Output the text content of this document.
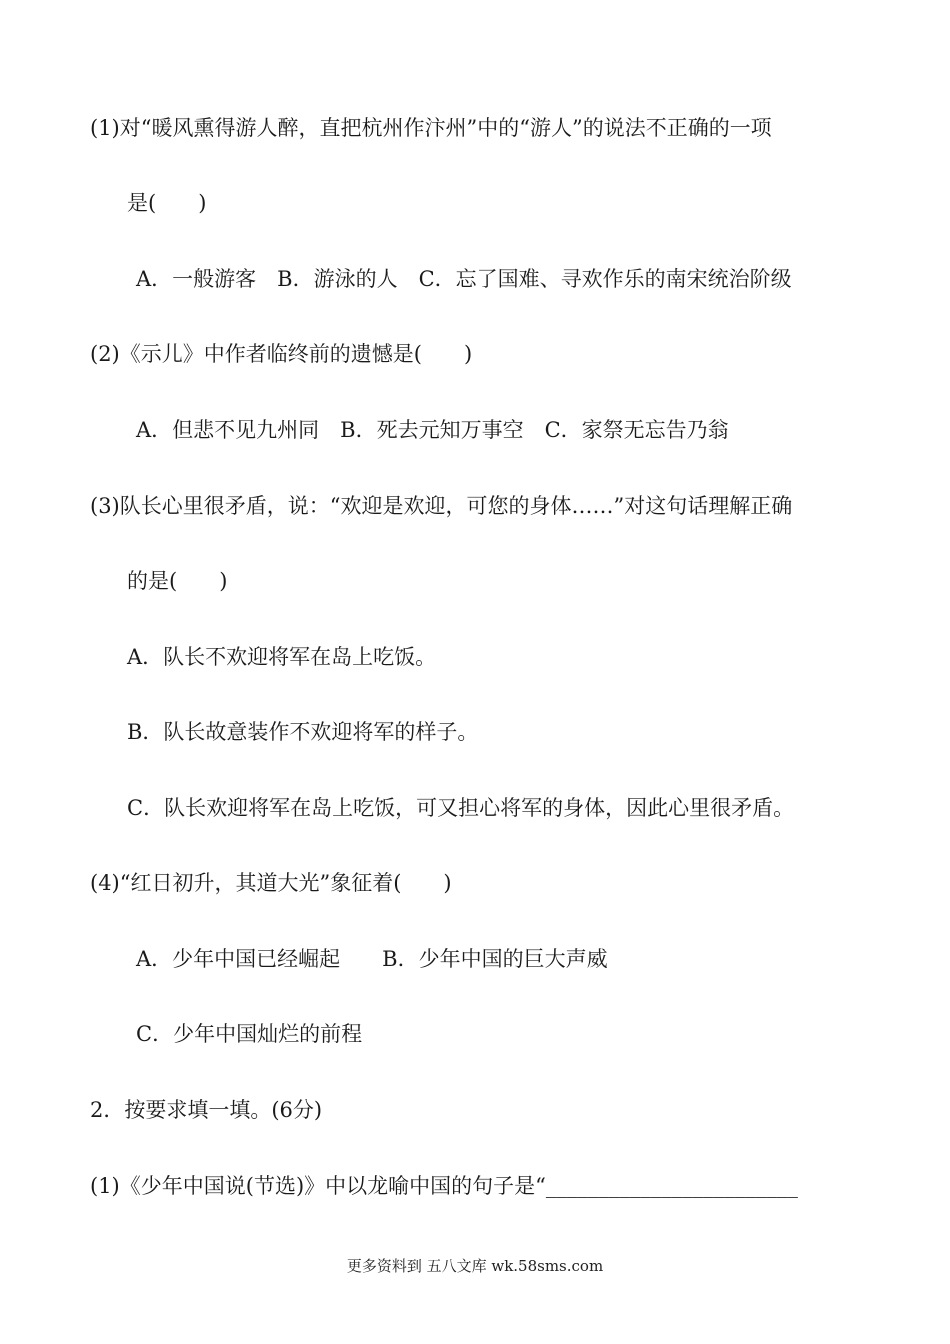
(1)对“暖风熏得游人醉，直把杭州作汴州”中的“游人”的说法不正确的一项
是(　　)
A．一般游客　B．游泳的人　C．忘了国难、寻欢作乐的南宋统治阶级
(2)《示儿》中作者临终前的遗憾是(　　)
A．但悲不见九州同　B．死去元知万事空　C．家祭无忘告乃翁
(3)队长心里很矛盾，说：“欢迎是欢迎，可您的身体……”对这句话理解正确
的是(　　)
A．队长不欢迎将军在岛上吃饭。
B．队长故意装作不欢迎将军的样子。
C．队长欢迎将军在岛上吃饭，可又担心将军的身体，因此心里很矛盾。
(4)“红日初升，其道大光”象征着(　　)
A．少年中国已经崛起　　B．少年中国的巨大声威
C．少年中国灿烂的前程
2．按要求填一填。(6分)
(1)《少年中国说(节选)》中以龙喻中国的句子是“________________________
更多资料到 五八文库 wk.58sms.com
